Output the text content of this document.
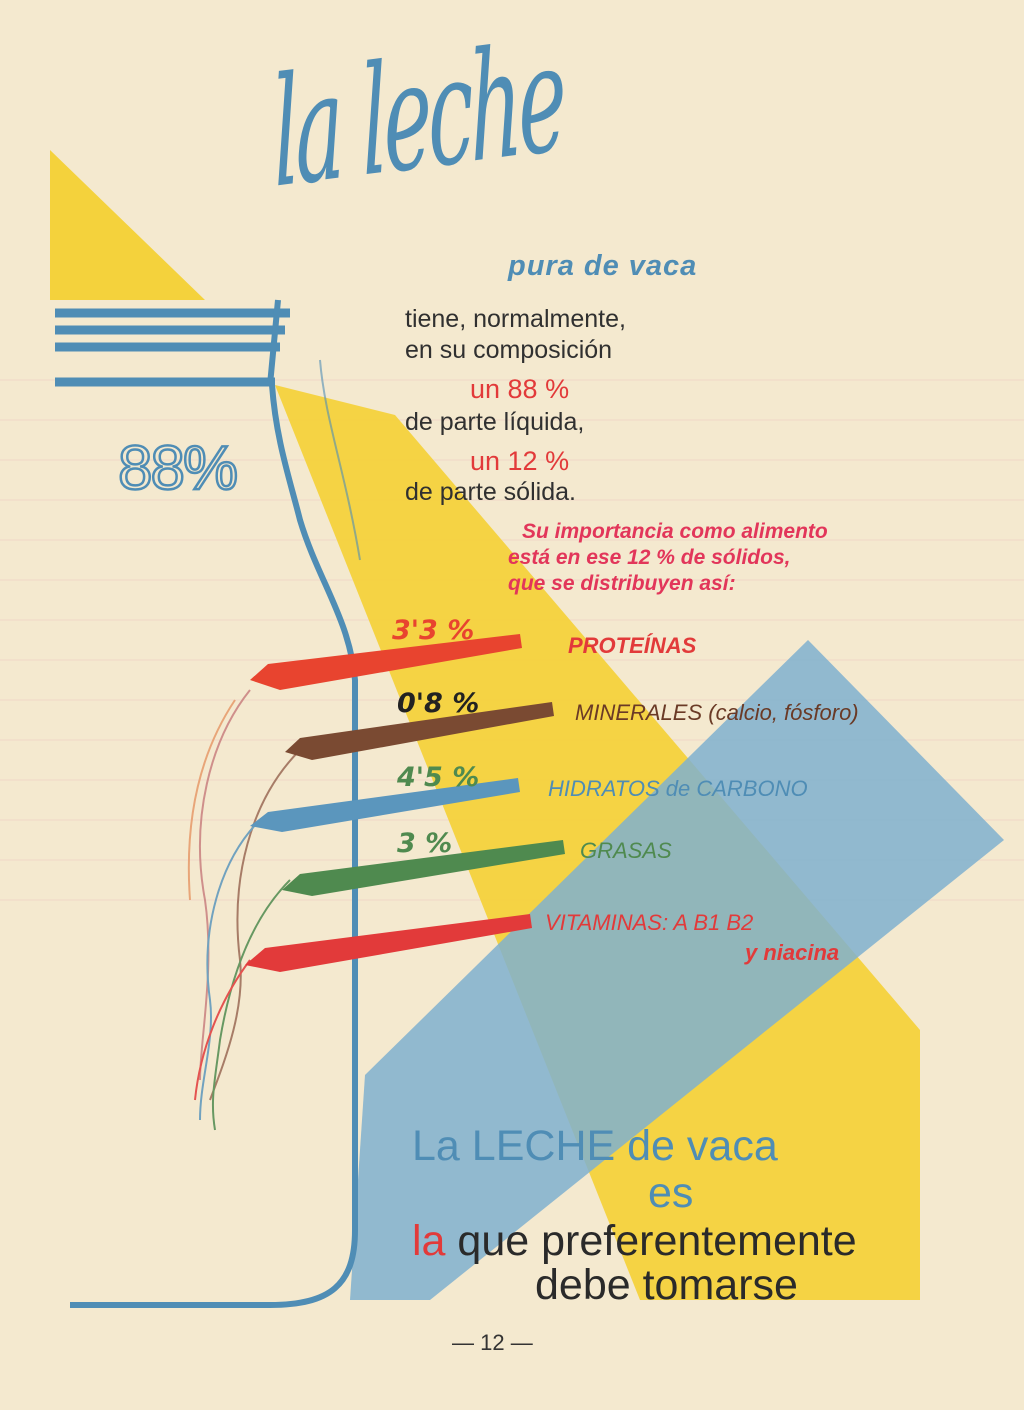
la leche
pura de vaca
tiene, normalmente,
en su composición
un 88 %
de parte líquida,
un 12 %
de parte sólida.
88%
Su importancia como alimento
está en ese 12 % de sólidos,
que se distribuyen así:
3'3 %	PROTEÍNAS
0'8 %	MINERALES (calcio, fósforo)
4'5 %	HIDRATOS de CARBONO
3 %	GRASAS
VITAMINAS: A B1 B2
y niacina
La LECHE de vaca
es
la que preferentemente
debe tomarse
— 12 —
